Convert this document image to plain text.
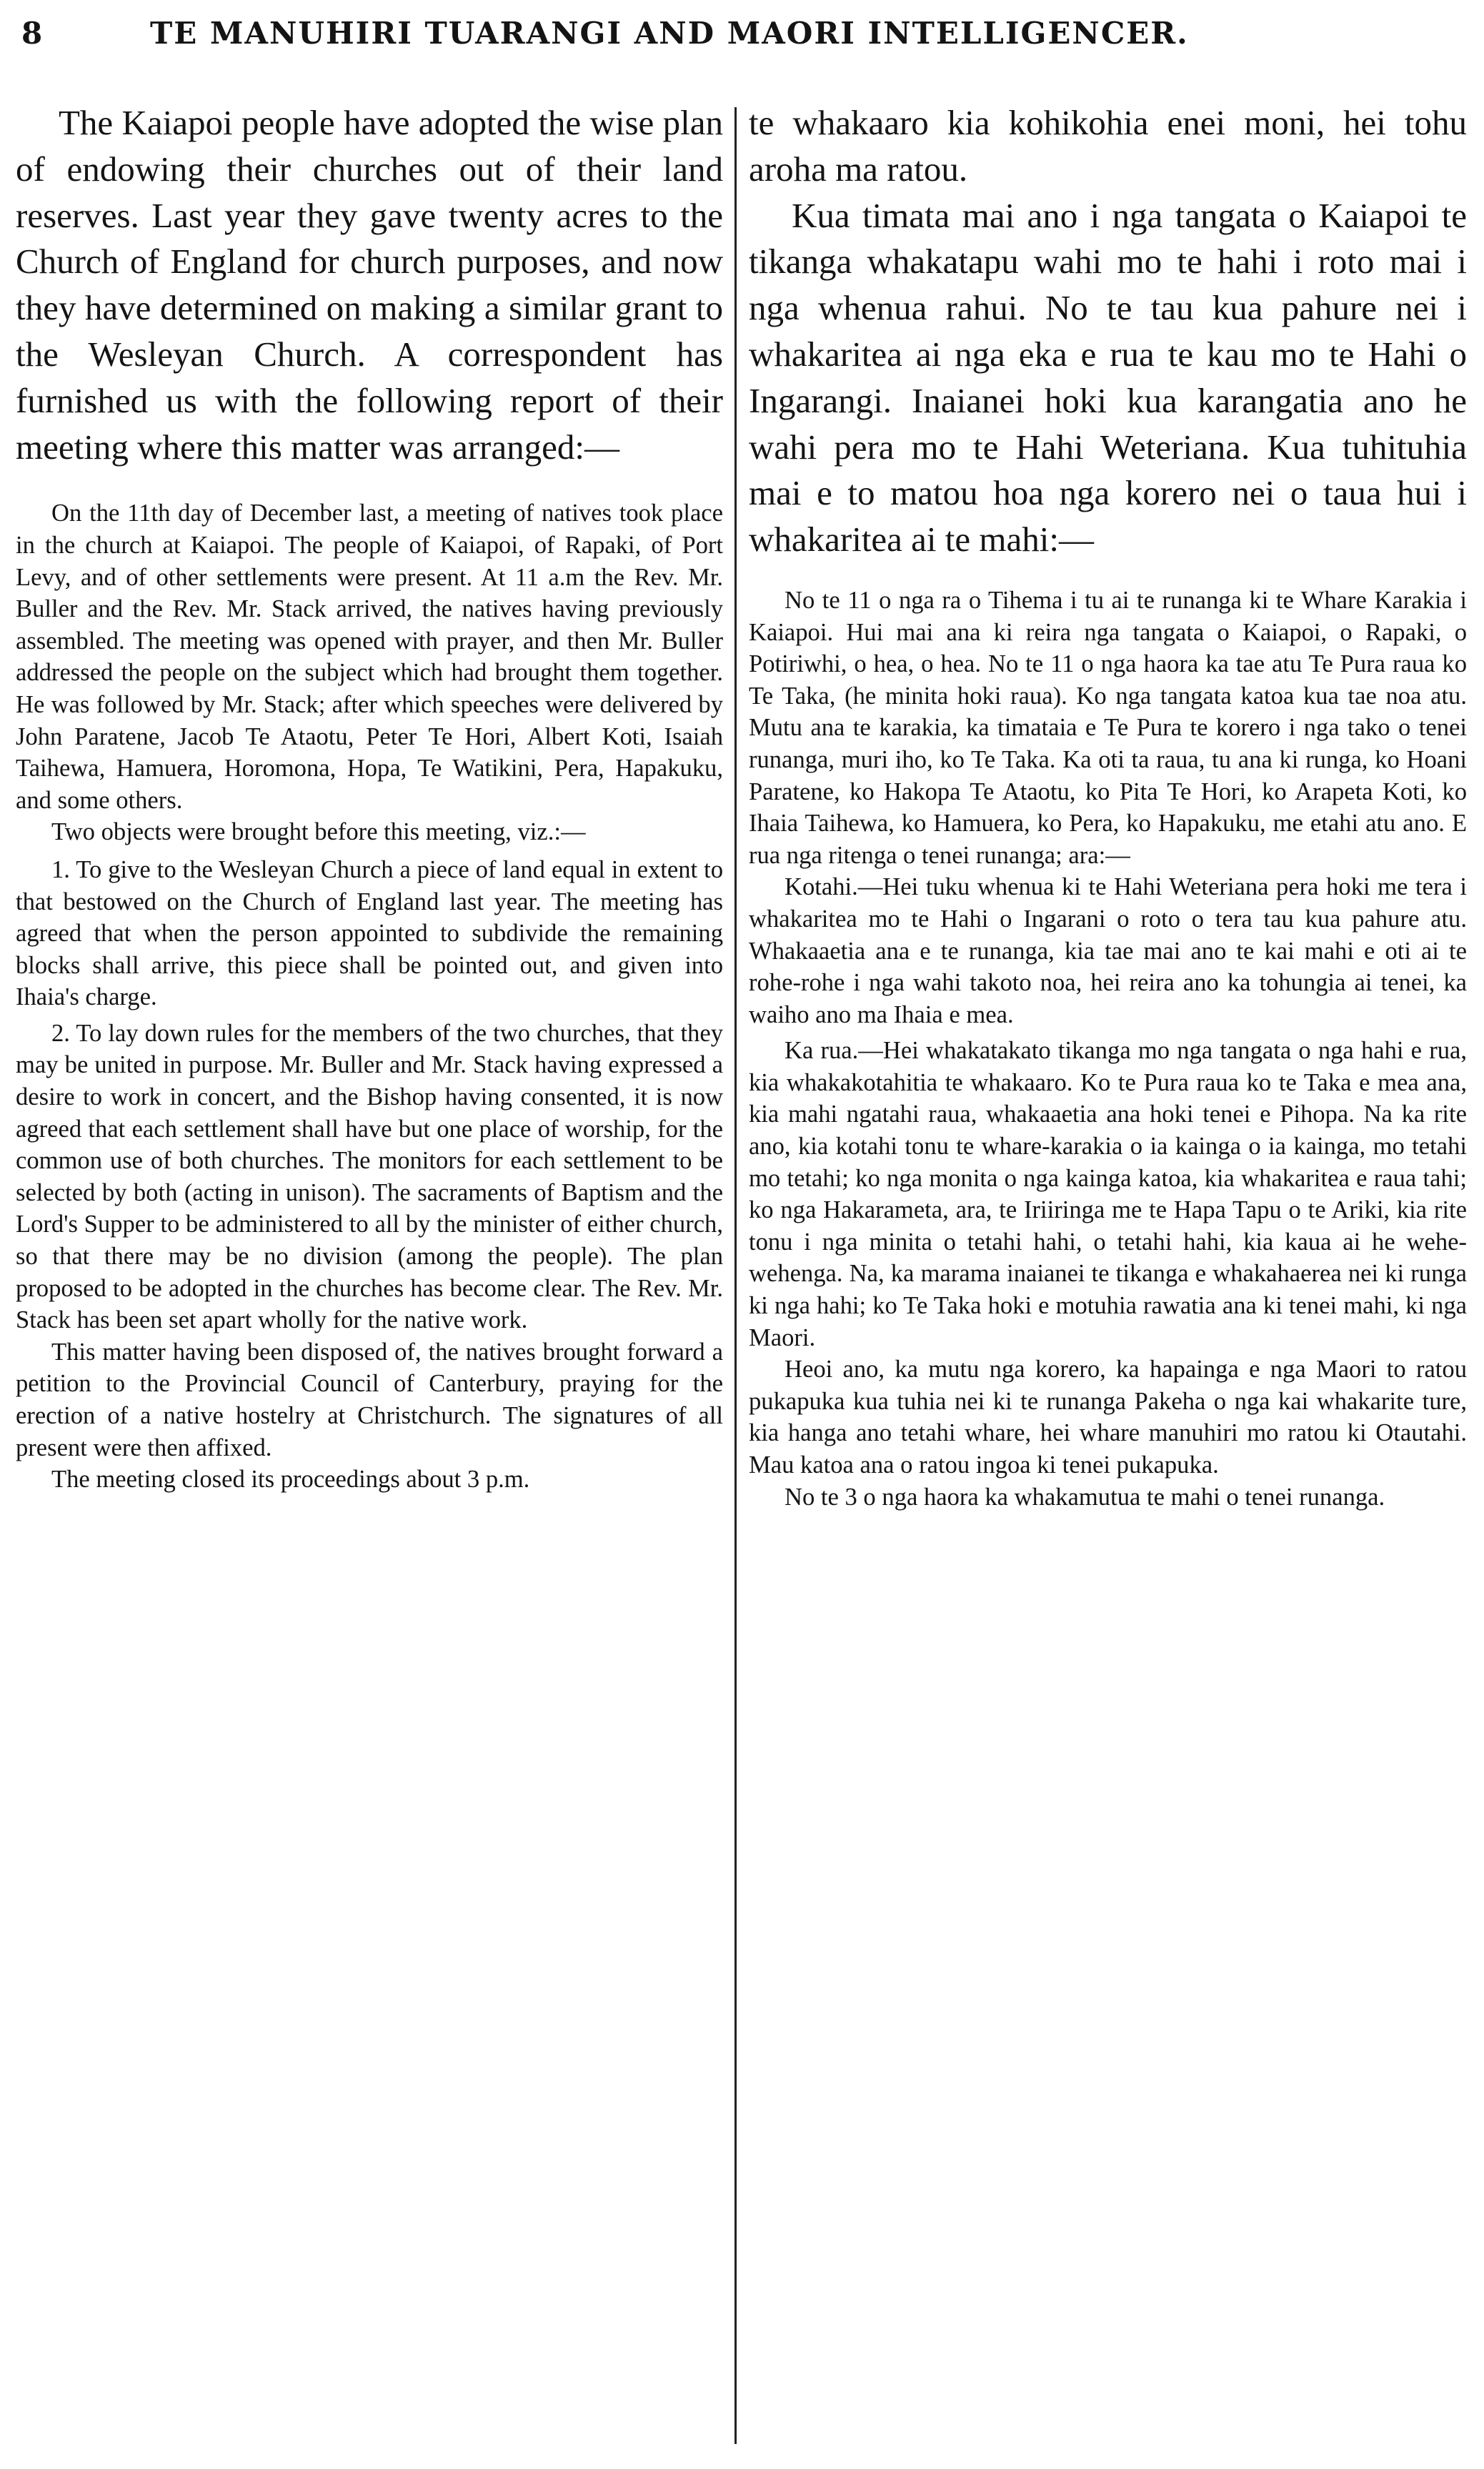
8	TE MANUHIRI TUARANGI AND MAORI INTELLIGENCER.

The Kaiapoi people have adopted the wise plan of endowing their churches out of their land reserves. Last year they gave twenty acres to the Church of England for church purposes, and now they have determined on making a similar grant to the Wesleyan Church. A correspondent has furnished us with the following report of their meeting where this matter was arranged:—

On the 11th day of December last, a meeting of natives took place in the church at Kaiapoi. The people of Kaiapoi, of Rapaki, of Port Levy, and of other settlements were present. At 11 a.m the Rev. Mr. Buller and the Rev. Mr. Stack arrived, the natives having previously assembled. The meeting was opened with prayer, and then Mr. Buller addressed the people on the subject which had brought them together. He was followed by Mr. Stack; after which speeches were delivered by John Paratene, Jacob Te Ataotu, Peter Te Hori, Albert Koti, Isaiah Taihewa, Hamuera, Horomona, Hopa, Te Watikini, Pera, Hapakuku, and some others.

Two objects were brought before this meeting, viz.:—

1. To give to the Wesleyan Church a piece of land equal in extent to that bestowed on the Church of England last year. The meeting has agreed that when the person appointed to subdivide the remaining blocks shall arrive, this piece shall be pointed out, and given into Ihaia's charge.

2. To lay down rules for the members of the two churches, that they may be united in purpose. Mr. Buller and Mr. Stack having expressed a desire to work in concert, and the Bishop having consented, it is now agreed that each settlement shall have but one place of worship, for the common use of both churches. The monitors for each settlement to be selected by both (acting in unison). The sacraments of Baptism and the Lord's Supper to be administered to all by the minister of either church, so that there may be no division (among the people). The plan proposed to be adopted in the churches has become clear. The Rev. Mr. Stack has been set apart wholly for the native work.

This matter having been disposed of, the natives brought forward a petition to the Provincial Council of Canterbury, praying for the erection of a native hostelry at Christchurch. The signatures of all present were then affixed.

The meeting closed its proceedings about 3 p.m.

te whakaaro kia kohikohia enei moni, hei tohu aroha ma ratou.

Kua timata mai ano i nga tangata o Kaiapoi te tikanga whakatapu wahi mo te hahi i roto mai i nga whenua rahui. No te tau kua pahure nei i whakaritea ai nga eka e rua te kau mo te Hahi o Ingarangi. Inaianei hoki kua karangatia ano he wahi pera mo te Hahi Weteriana. Kua tuhituhia mai e to matou hoa nga korero nei o taua hui i whakaritea ai te mahi:—

No te 11 o nga ra o Tihema i tu ai te runanga ki te Whare Karakia i Kaiapoi. Hui mai ana ki reira nga tangata o Kaiapoi, o Rapaki, o Potiriwhi, o hea, o hea. No te 11 o nga haora ka tae atu Te Pura raua ko Te Taka, (he minita hoki raua). Ko nga tangata katoa kua tae noa atu. Mutu ana te karakia, ka timataia e Te Pura te korero i nga tako o tenei runanga, muri iho, ko Te Taka. Ka oti ta raua, tu ana ki runga, ko Hoani Paratene, ko Hakopa Te Ataotu, ko Pita Te Hori, ko Arapeta Koti, ko Ihaia Taihewa, ko Hamuera, ko Pera, ko Hapakuku, me etahi atu ano. E rua nga ritenga o tenei runanga; ara:—

Kotahi.—Hei tuku whenua ki te Hahi Weteriana pera hoki me tera i whakaritea mo te Hahi o Ingarani o roto o tera tau kua pahure atu. Whakaaetia ana e te runanga, kia tae mai ano te kai mahi e oti ai te rohe-rohe i nga wahi takoto noa, hei reira ano ka tohungia ai tenei, ka waiho ano ma Ihaia e mea.

Ka rua.—Hei whakatakato tikanga mo nga tangata o nga hahi e rua, kia whakakotahitia te whakaaro. Ko te Pura raua ko te Taka e mea ana, kia mahi ngatahi raua, whakaaetia ana hoki tenei e Pihopa. Na ka rite ano, kia kotahi tonu te whare-karakia o ia kainga o ia kainga, mo tetahi mo tetahi; ko nga monita o nga kainga katoa, kia whakaritea e raua tahi; ko nga Hakarameta, ara, te Iriiringa me te Hapa Tapu o te Ariki, kia rite tonu i nga minita o tetahi hahi, o tetahi hahi, kia kaua ai he wehe-wehenga. Na, ka marama inaianei te tikanga e whakahaerea nei ki runga ki nga hahi; ko Te Taka hoki e motuhia rawatia ana ki tenei mahi, ki nga Maori.

Heoi ano, ka mutu nga korero, ka hapainga e nga Maori to ratou pukapuka kua tuhia nei ki te runanga Pakeha o nga kai whakarite ture, kia hanga ano tetahi whare, hei whare manuhiri mo ratou ki Otautahi. Mau katoa ana o ratou ingoa ki tenei pukapuka.

No te 3 o nga haora ka whakamutua te mahi o tenei runanga.
